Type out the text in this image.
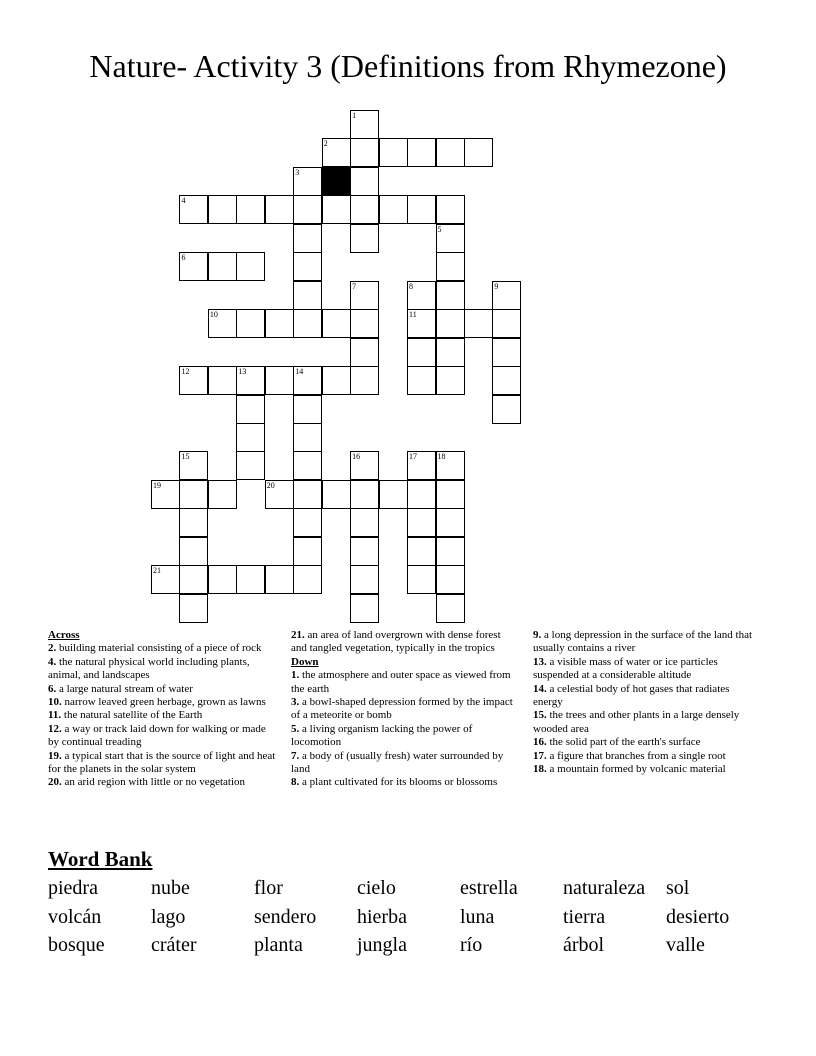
Nature- Activity 3 (Definitions from Rhymezone)
1
2
3
4
5
6
7	8	9
10	11
12	13	14
15	16	17	18
19	20
21

Across

2. building material consisting of a piece of rock

4. the natural physical world including plants, animal, and landscapes

6. a large natural stream of water

10. narrow leaved green herbage, grown as lawns

11. the natural satellite of the Earth

12. a way or track laid down for walking or made by continual treading

19. a typical start that is the source of light and heat for the planets in the solar system

20. an arid region with little or no vegetation

21. an area of land overgrown with dense forest and tangled vegetation, typically in the tropics

Down

1. the atmosphere and outer space as viewed from the earth

3. a bowl-shaped depression formed by the impact of a meteorite or bomb

5. a living organism lacking the power of locomotion

7. a body of (usually fresh) water surrounded by land

8. a plant cultivated for its blooms or blossoms

9. a long depression in the surface of the land that usually contains a river

13. a visible mass of water or ice particles suspended at a considerable altitude

14. a celestial body of hot gases that radiates energy

15. the trees and other plants in a large densely wooded area

16. the solid part of the earth's surface

17. a figure that branches from a single root

18. a mountain formed by volcanic material

Word Bank

piedra	nube	flor	cielo	estrella	naturaleza	sol
volcán	lago	sendero	hierba	luna	tierra	desierto
bosque	cráter	planta	jungla	río	árbol	valle
